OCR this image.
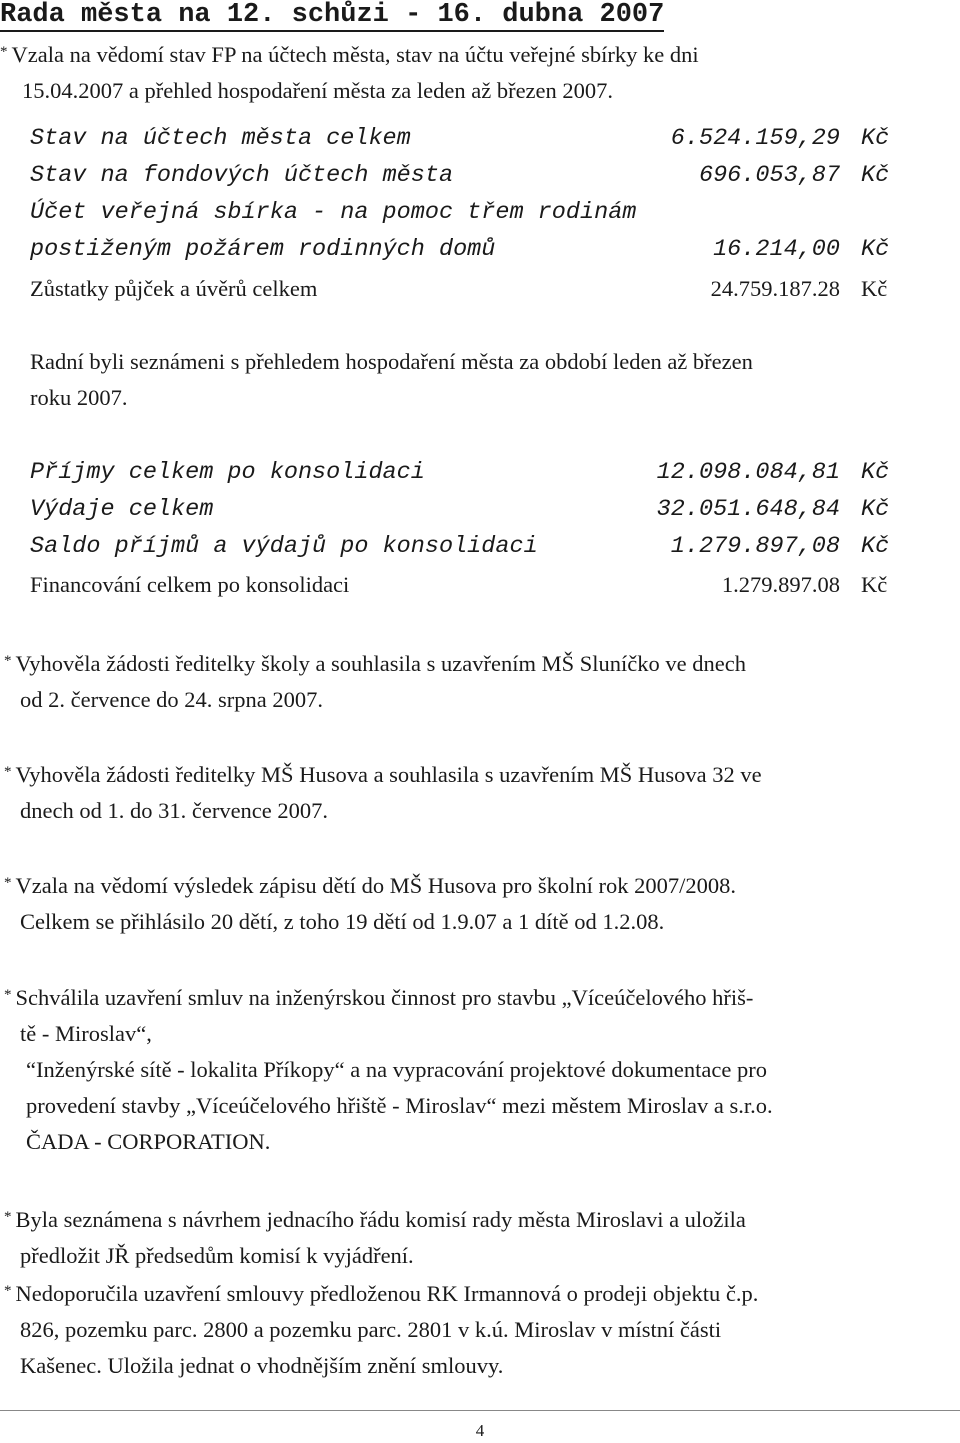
Rada města na 12. schůzi - 16. dubna 2007
* Vzala na vědomí stav FP na účtech města, stav na účtu veřejné sbírky ke dni
15.04.2007 a přehled hospodaření města za leden až březen 2007.
Stav na účtech města celkem	6.524.159,29 Kč
Stav na fondových účtech města	696.053,87 Kč
Účet veřejná sbírka - na pomoc třem rodinám
postiženým požárem rodinných domů	16.214,00 Kč
Zůstatky půjček a úvěrů celkem	24.759.187.28 Kč
Radní byli seznámeni s přehledem hospodaření města za období leden až březen
roku 2007.
Příjmy celkem po konsolidaci	12.098.084,81 Kč
Výdaje celkem	32.051.648,84 Kč
Saldo příjmů a výdajů po konsolidaci	1.279.897,08 Kč
Financování celkem po konsolidaci	1.279.897.08 Kč
* Vyhověla žádosti ředitelky školy a souhlasila s uzavřením MŠ Sluníčko ve dnech
od 2. července do 24. srpna 2007.
* Vyhověla žádosti ředitelky MŠ Husova a souhlasila s uzavřením MŠ Husova 32 ve
dnech od 1. do 31. července 2007.
* Vzala na vědomí výsledek zápisu dětí do MŠ Husova pro školní rok 2007/2008.
Celkem se přihlásilo 20 dětí, z toho 19 dětí od 1.9.07 a 1 dítě od 1.2.08.
* Schválila uzavření smluv na inženýrskou činnost pro stavbu „Víceúčelového hřiš-
tě - Miroslav“,
“Inženýrské sítě - lokalita Příkopy“ a na vypracování projektové dokumentace pro
provedení stavby „Víceúčelového hřiště - Miroslav“ mezi městem Miroslav a s.r.o.
ČADA - CORPORATION.
* Byla seznámena s návrhem jednacího řádu komisí rady města Miroslavi a uložila
předložit JŘ předsedům komisí k vyjádření.
* Nedoporučila uzavření smlouvy předloženou RK Irmannová o prodeji objektu č.p.
826, pozemku parc. 2800 a pozemku parc. 2801 v k.ú. Miroslav v místní části
Kašenec. Uložila jednat o vhodnějším znění smlouvy.
4
